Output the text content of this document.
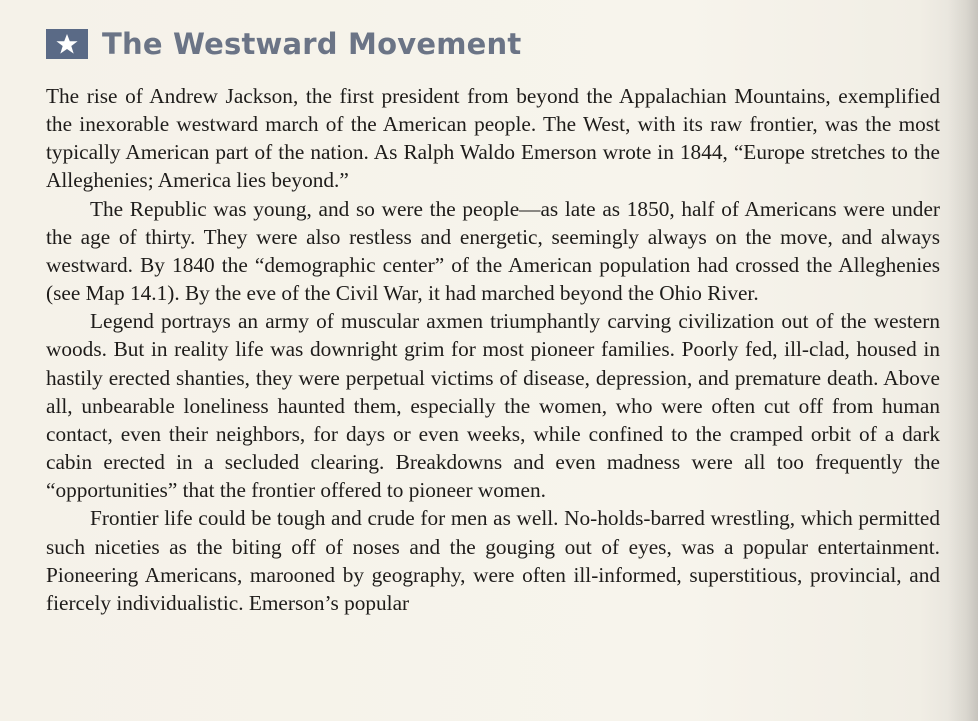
The Westward Movement

The rise of Andrew Jackson, the first president from beyond the Appalachian Mountains, exemplified the inexorable westward march of the American people. The West, with its raw frontier, was the most typically American part of the nation. As Ralph Waldo Emerson wrote in 1844, “Europe stretches to the Alleghenies; America lies beyond.”

The Republic was young, and so were the people—as late as 1850, half of Americans were under the age of thirty. They were also restless and energetic, seemingly always on the move, and always westward. By 1840 the “demographic center” of the American population had crossed the Alleghenies (see Map 14.1). By the eve of the Civil War, it had marched beyond the Ohio River.

Legend portrays an army of muscular axmen triumphantly carving civilization out of the western woods. But in reality life was downright grim for most pioneer families. Poorly fed, ill-clad, housed in hastily erected shanties, they were perpetual victims of disease, depression, and premature death. Above all, unbearable loneliness haunted them, especially the women, who were often cut off from human contact, even their neighbors, for days or even weeks, while confined to the cramped orbit of a dark cabin erected in a secluded clearing. Breakdowns and even madness were all too frequently the “opportunities” that the frontier offered to pioneer women.

Frontier life could be tough and crude for men as well. No-holds-barred wrestling, which permitted such niceties as the biting off of noses and the gouging out of eyes, was a popular entertainment. Pioneering Americans, marooned by geography, were often ill-informed, superstitious, provincial, and fiercely individualistic. Emerson’s popular
